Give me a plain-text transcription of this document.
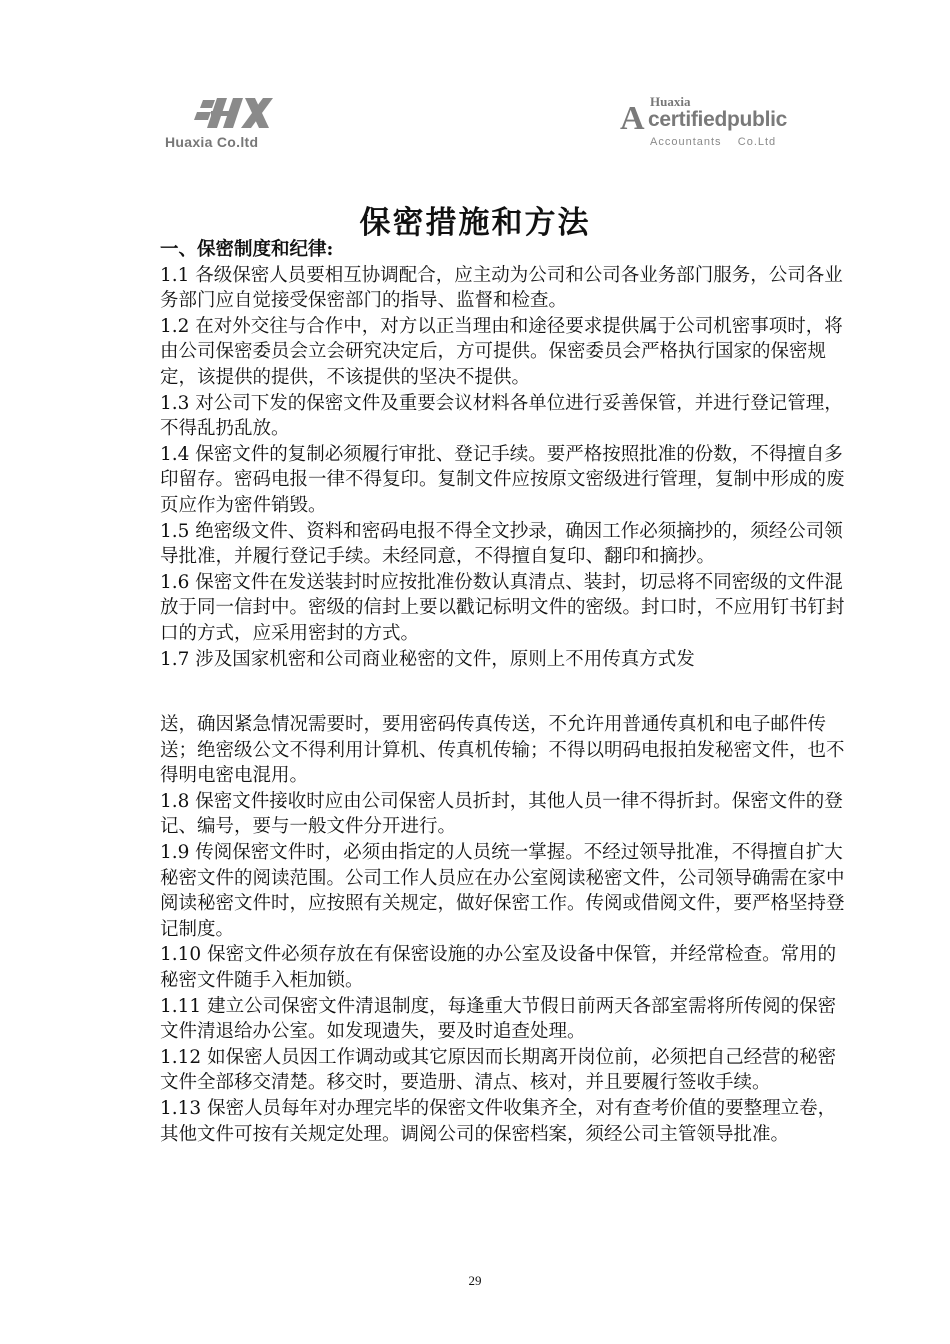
Huaxia Co.ltd
Huaxia
A certifiedpublic
Accountants    Co.Ltd
保密措施和方法

一、保密制度和纪律:

1.1 各级保密人员要相互协调配合，应主动为公司和公司各业务部门服务，公司各业务部门应自觉接受保密部门的指导、监督和检查。

1.2 在对外交往与合作中，对方以正当理由和途径要求提供属于公司机密事项时，将由公司保密委员会立会研究决定后，方可提供。保密委员会严格执行国家的保密规定，该提供的提供，不该提供的坚决不提供。

1.3 对公司下发的保密文件及重要会议材料各单位进行妥善保管，并进行登记管理，不得乱扔乱放。

1.4 保密文件的复制必须履行审批、登记手续。要严格按照批准的份数，不得擅自多印留存。密码电报一律不得复印。复制文件应按原文密级进行管理，复制中形成的废页应作为密件销毁。

1.5 绝密级文件、资料和密码电报不得全文抄录，确因工作必须摘抄的，须经公司领导批准，并履行登记手续。未经同意，不得擅自复印、翻印和摘抄。

1.6 保密文件在发送装封时应按批准份数认真清点、装封，切忌将不同密级的文件混放于同一信封中。密级的信封上要以戳记标明文件的密级。封口时，不应用钉书钉封口的方式，应采用密封的方式。

1.7 涉及国家机密和公司商业秘密的文件，原则上不用传真方式发

送，确因紧急情况需要时，要用密码传真传送，不允许用普通传真机和电子邮件传送；绝密级公文不得利用计算机、传真机传输；不得以明码电报拍发秘密文件，也不得明电密电混用。

1.8 保密文件接收时应由公司保密人员折封，其他人员一律不得折封。保密文件的登记、编号，要与一般文件分开进行。

1.9 传阅保密文件时，必须由指定的人员统一掌握。不经过领导批准，不得擅自扩大秘密文件的阅读范围。公司工作人员应在办公室阅读秘密文件，公司领导确需在家中阅读秘密文件时，应按照有关规定，做好保密工作。传阅或借阅文件，要严格坚持登记制度。

1.10 保密文件必须存放在有保密设施的办公室及设备中保管，并经常检查。常用的秘密文件随手入柜加锁。

1.11 建立公司保密文件清退制度，每逢重大节假日前两天各部室需将所传阅的保密文件清退给办公室。如发现遗失，要及时追查处理。

1.12 如保密人员因工作调动或其它原因而长期离开岗位前，必须把自己经营的秘密文件全部移交清楚。移交时，要造册、清点、核对，并且要履行签收手续。

1.13 保密人员每年对办理完毕的保密文件收集齐全，对有查考价值的要整理立卷，其他文件可按有关规定处理。调阅公司的保密档案，须经公司主管领导批准。

29
